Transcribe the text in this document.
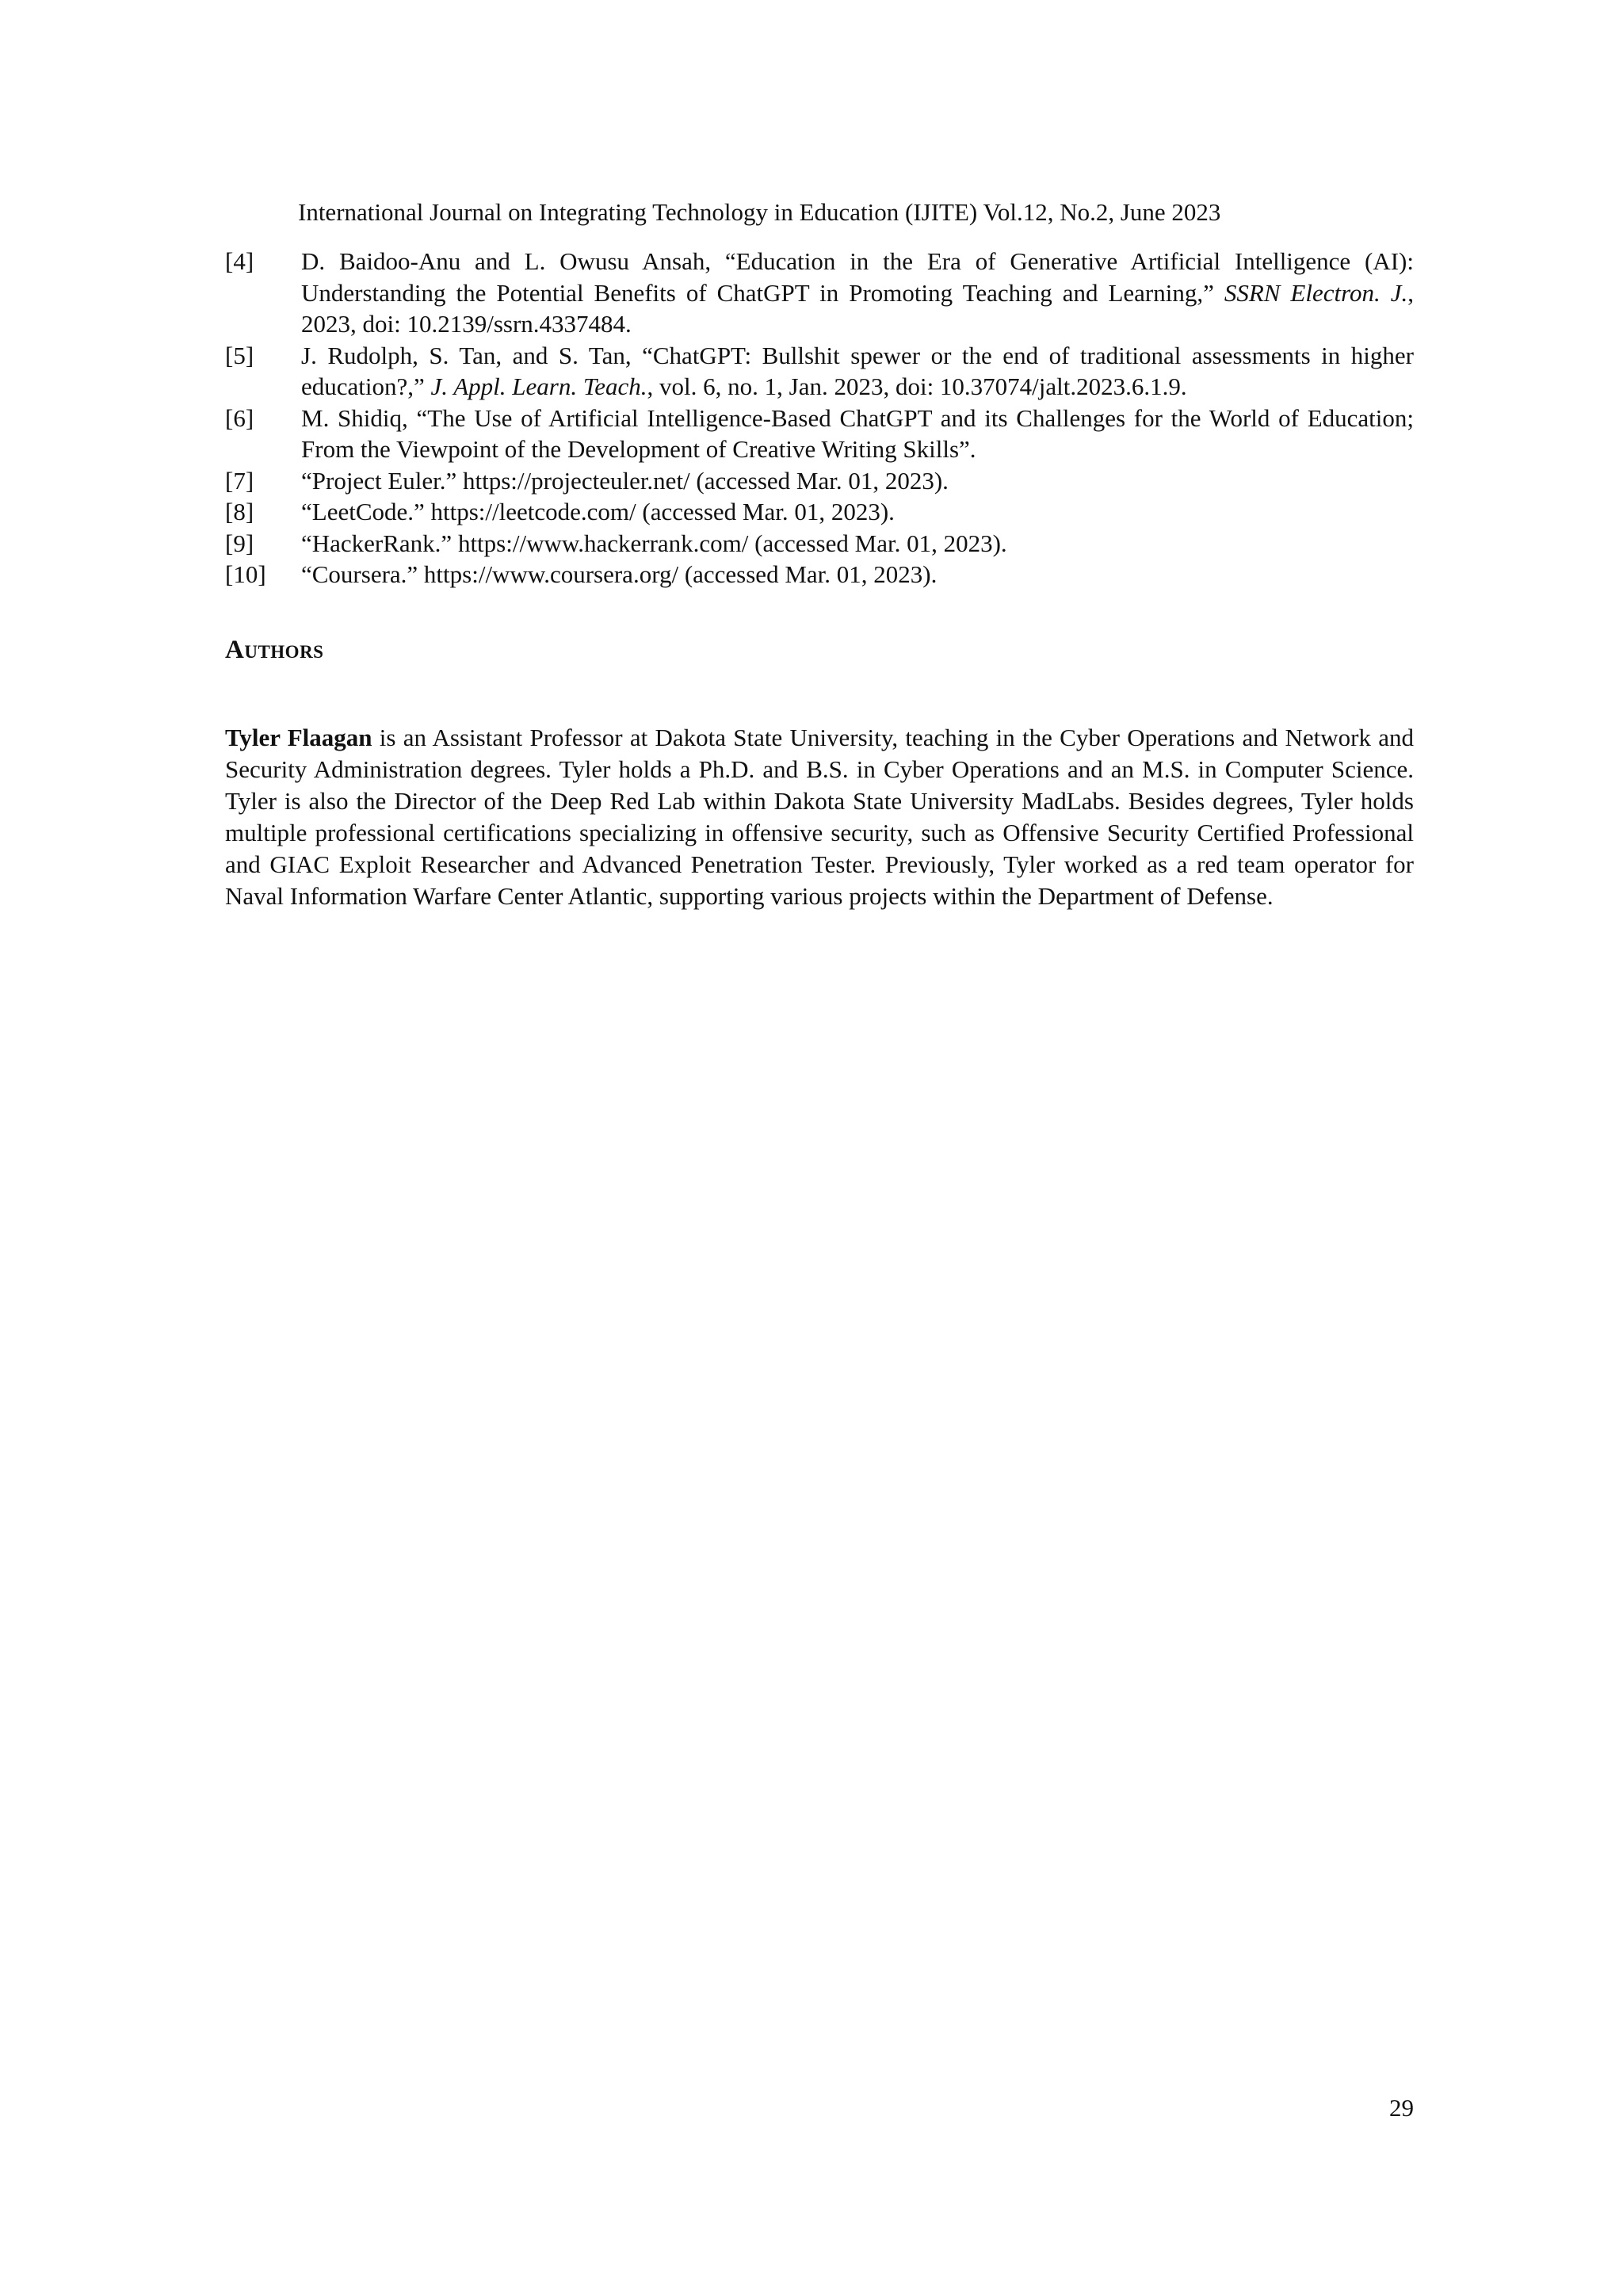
International Journal on Integrating Technology in Education (IJITE) Vol.12, No.2, June 2023
[4]	D. Baidoo-Anu and L. Owusu Ansah, “Education in the Era of Generative Artificial Intelligence (AI): Understanding the Potential Benefits of ChatGPT in Promoting Teaching and Learning,” SSRN Electron. J., 2023, doi: 10.2139/ssrn.4337484.
[5]	J. Rudolph, S. Tan, and S. Tan, “ChatGPT: Bullshit spewer or the end of traditional assessments in higher education?,” J. Appl. Learn. Teach., vol. 6, no. 1, Jan. 2023, doi: 10.37074/jalt.2023.6.1.9.
[6]	M. Shidiq, “The Use of Artificial Intelligence-Based ChatGPT and its Challenges for the World of Education; From the Viewpoint of the Development of Creative Writing Skills”.
[7]	“Project Euler.” https://projecteuler.net/ (accessed Mar. 01, 2023).
[8]	“LeetCode.” https://leetcode.com/ (accessed Mar. 01, 2023).
[9]	“HackerRank.” https://www.hackerrank.com/ (accessed Mar. 01, 2023).
[10]	“Coursera.” https://www.coursera.org/ (accessed Mar. 01, 2023).
Authors

Tyler Flaagan is an Assistant Professor at Dakota State University, teaching in the Cyber Operations and Network and Security Administration degrees. Tyler holds a Ph.D. and B.S. in Cyber Operations and an M.S. in Computer Science. Tyler is also the Director of the Deep Red Lab within Dakota State University MadLabs. Besides degrees, Tyler holds multiple professional certifications specializing in offensive security, such as Offensive Security Certified Professional and GIAC Exploit Researcher and Advanced Penetration Tester. Previously, Tyler worked as a red team operator for Naval Information Warfare Center Atlantic, supporting various projects within the Department of Defense.

29
